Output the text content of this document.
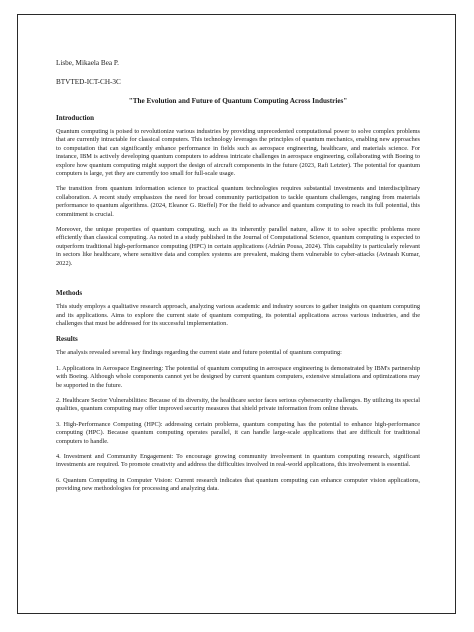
Lisbe, Mikaela Bea P.
BTVTED-ICT-CH-3C
"The Evolution and Future of Quantum Computing Across Industries"
Introduction

Quantum computing is poised to revolutionize various industries by providing unprecedented computational power to solve complex problems that are currently intractable for classical computers. This technology leverages the principles of quantum mechanics, enabling new approaches to computation that can significantly enhance performance in fields such as aerospace engineering, healthcare, and materials science. For instance, IBM is actively developing quantum computers to address intricate challenges in aerospace engineering, collaborating with Boeing to explore how quantum computing might support the design of aircraft components in the future (2023, Rafi Letzter). The potential for quantum computers is large, yet they are currently too small for full-scale usage.

The transition from quantum information science to practical quantum technologies requires substantial investments and interdisciplinary collaboration. A recent study emphasizes the need for broad community participation to tackle quantum challenges, ranging from materials performance to quantum algorithms. (2024, Eleanor G. Rieffel) For the field to advance and quantum computing to reach its full potential, this commitment is crucial.

Moreover, the unique properties of quantum computing, such as its inherently parallel nature, allow it to solve specific problems more efficiently than classical computing. As noted in a study published in the Journal of Computational Science, quantum computing is expected to outperform traditional high-performance computing (HPC) in certain applications (Adrián Pousa, 2024). This capability is particularly relevant in sectors like healthcare, where sensitive data and complex systems are prevalent, making them vulnerable to cyber-attacks (Avinash Kumar, 2022).

Methods

This study employs a qualitative research approach, analyzing various academic and industry sources to gather insights on quantum computing and its applications. Aims to explore the current state of quantum computing, its potential applications across various industries, and the challenges that must be addressed for its successful implementation.

Results

The analysis revealed several key findings regarding the current state and future potential of quantum computing:

1. Applications in Aerospace Engineering: The potential of quantum computing in aerospace engineering is demonstrated by IBM's partnership with Boeing. Although whole components cannot yet be designed by current quantum computers, extensive simulations and optimizations may be supported in the future.

2. Healthcare Sector Vulnerabilities: Because of its diversity, the healthcare sector faces serious cybersecurity challenges. By utilizing its special qualities, quantum computing may offer improved security measures that shield private information from online threats.

3. High-Performance Computing (HPC): addressing certain problems, quantum computing has the potential to enhance high-performance computing (HPC). Because quantum computing operates parallel, it can handle large-scale applications that are difficult for traditional computers to handle.

4. Investment and Community Engagement: To encourage growing community involvement in quantum computing research, significant investments are required. To promote creativity and address the difficulties involved in real-world applications, this involvement is essential.

6. Quantum Computing in Computer Vision: Current research indicates that quantum computing can enhance computer vision applications, providing new methodologies for processing and analyzing data.
